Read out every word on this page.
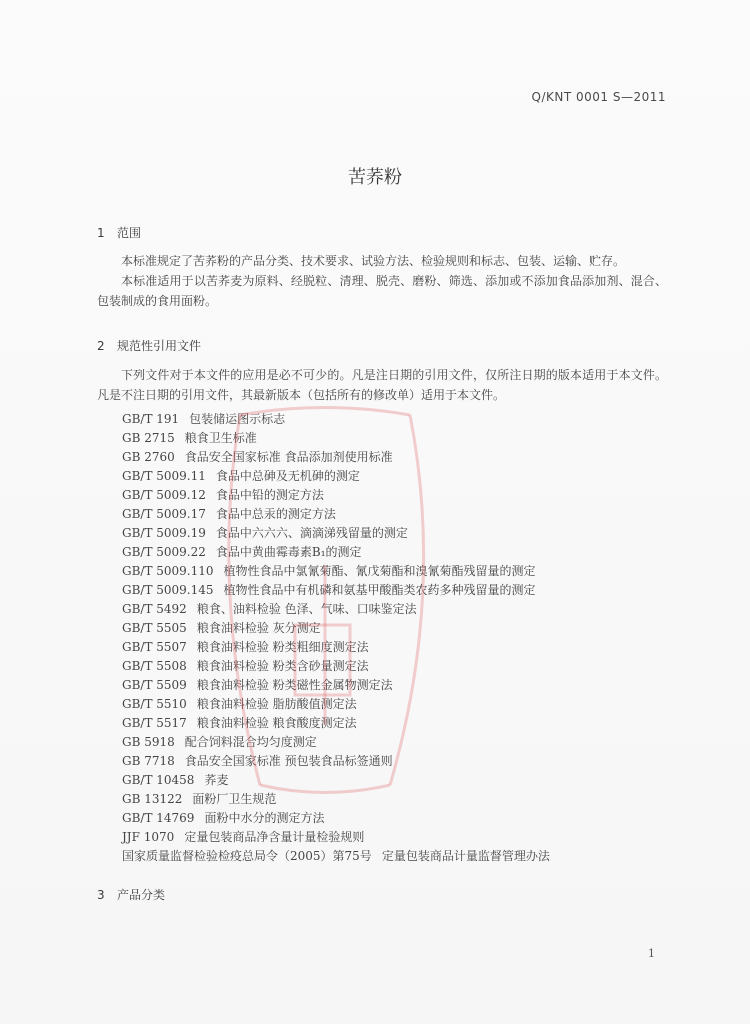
Q/KNT 0001 S—2011
苦荞粉
1 范围

本标准规定了苦荞粉的产品分类、技术要求、试验方法、检验规则和标志、包装、运输、贮存。

本标准适用于以苦荞麦为原料、经脱粒、清理、脱壳、磨粉、筛选、添加或不添加食品添加剂、混合、包装制成的食用面粉。

2 规范性引用文件

下列文件对于本文件的应用是必不可少的。凡是注日期的引用文件，仅所注日期的版本适用于本文件。凡是不注日期的引用文件，其最新版本（包括所有的修改单）适用于本文件。

GB/T 191 包装储运图示标志
GB 2715 粮食卫生标准
GB 2760 食品安全国家标准 食品添加剂使用标准
GB/T 5009.11 食品中总砷及无机砷的测定
GB/T 5009.12 食品中铅的测定方法
GB/T 5009.17 食品中总汞的测定方法
GB/T 5009.19 食品中六六六、滴滴涕残留量的测定
GB/T 5009.22 食品中黄曲霉毒素B₁的测定
GB/T 5009.110 植物性食品中氯氰菊酯、氰戊菊酯和溴氰菊酯残留量的测定
GB/T 5009.145 植物性食品中有机磷和氨基甲酸酯类农药多种残留量的测定
GB/T 5492 粮食、油料检验 色泽、气味、口味鉴定法
GB/T 5505 粮食油料检验 灰分测定
GB/T 5507 粮食油料检验 粉类粗细度测定法
GB/T 5508 粮食油料检验 粉类含砂量测定法
GB/T 5509 粮食油料检验 粉类磁性金属物测定法
GB/T 5510 粮食油料检验 脂肪酸值测定法
GB/T 5517 粮食油料检验 粮食酸度测定法
GB 5918 配合饲料混合均匀度测定
GB 7718 食品安全国家标准 预包装食品标签通则
GB/T 10458 荞麦
GB 13122 面粉厂卫生规范
GB/T 14769 面粉中水分的测定方法
JJF 1070 定量包装商品净含量计量检验规则
国家质量监督检验检疫总局令（2005）第75号 定量包装商品计量监督管理办法
3 产品分类
1
